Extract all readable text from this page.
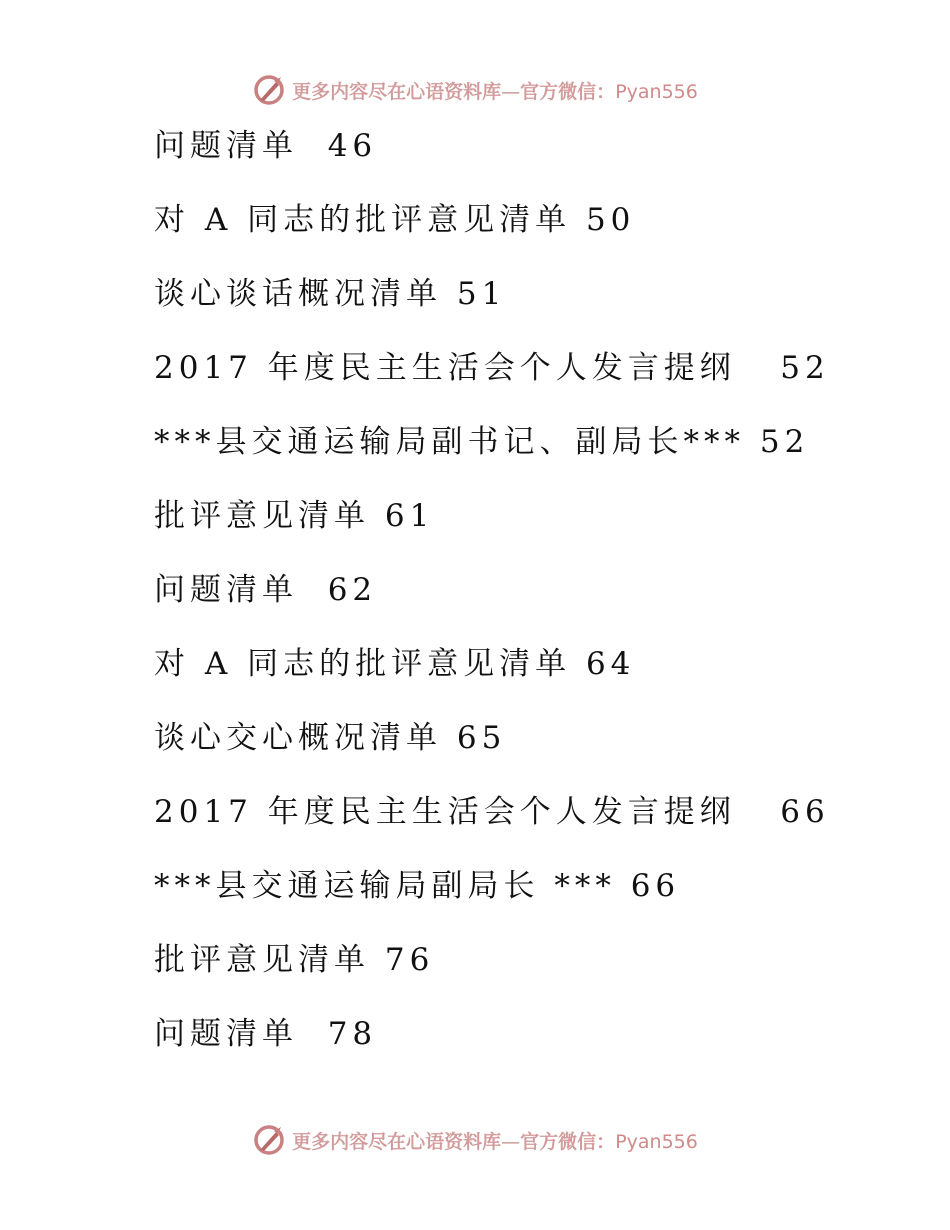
更多内容尽在心语资料库—官方微信：Pyan556
问题清单  46
对 A 同志的批评意见清单 50
谈心谈话概况清单 51
2017 年度民主生活会个人发言提纲   52
***县交通运输局副书记、副局长*** 52
批评意见清单 61
问题清单  62
对 A 同志的批评意见清单 64
谈心交心概况清单 65
2017 年度民主生活会个人发言提纲   66
***县交通运输局副局长 *** 66
批评意见清单 76
问题清单  78
更多内容尽在心语资料库—官方微信：Pyan556
